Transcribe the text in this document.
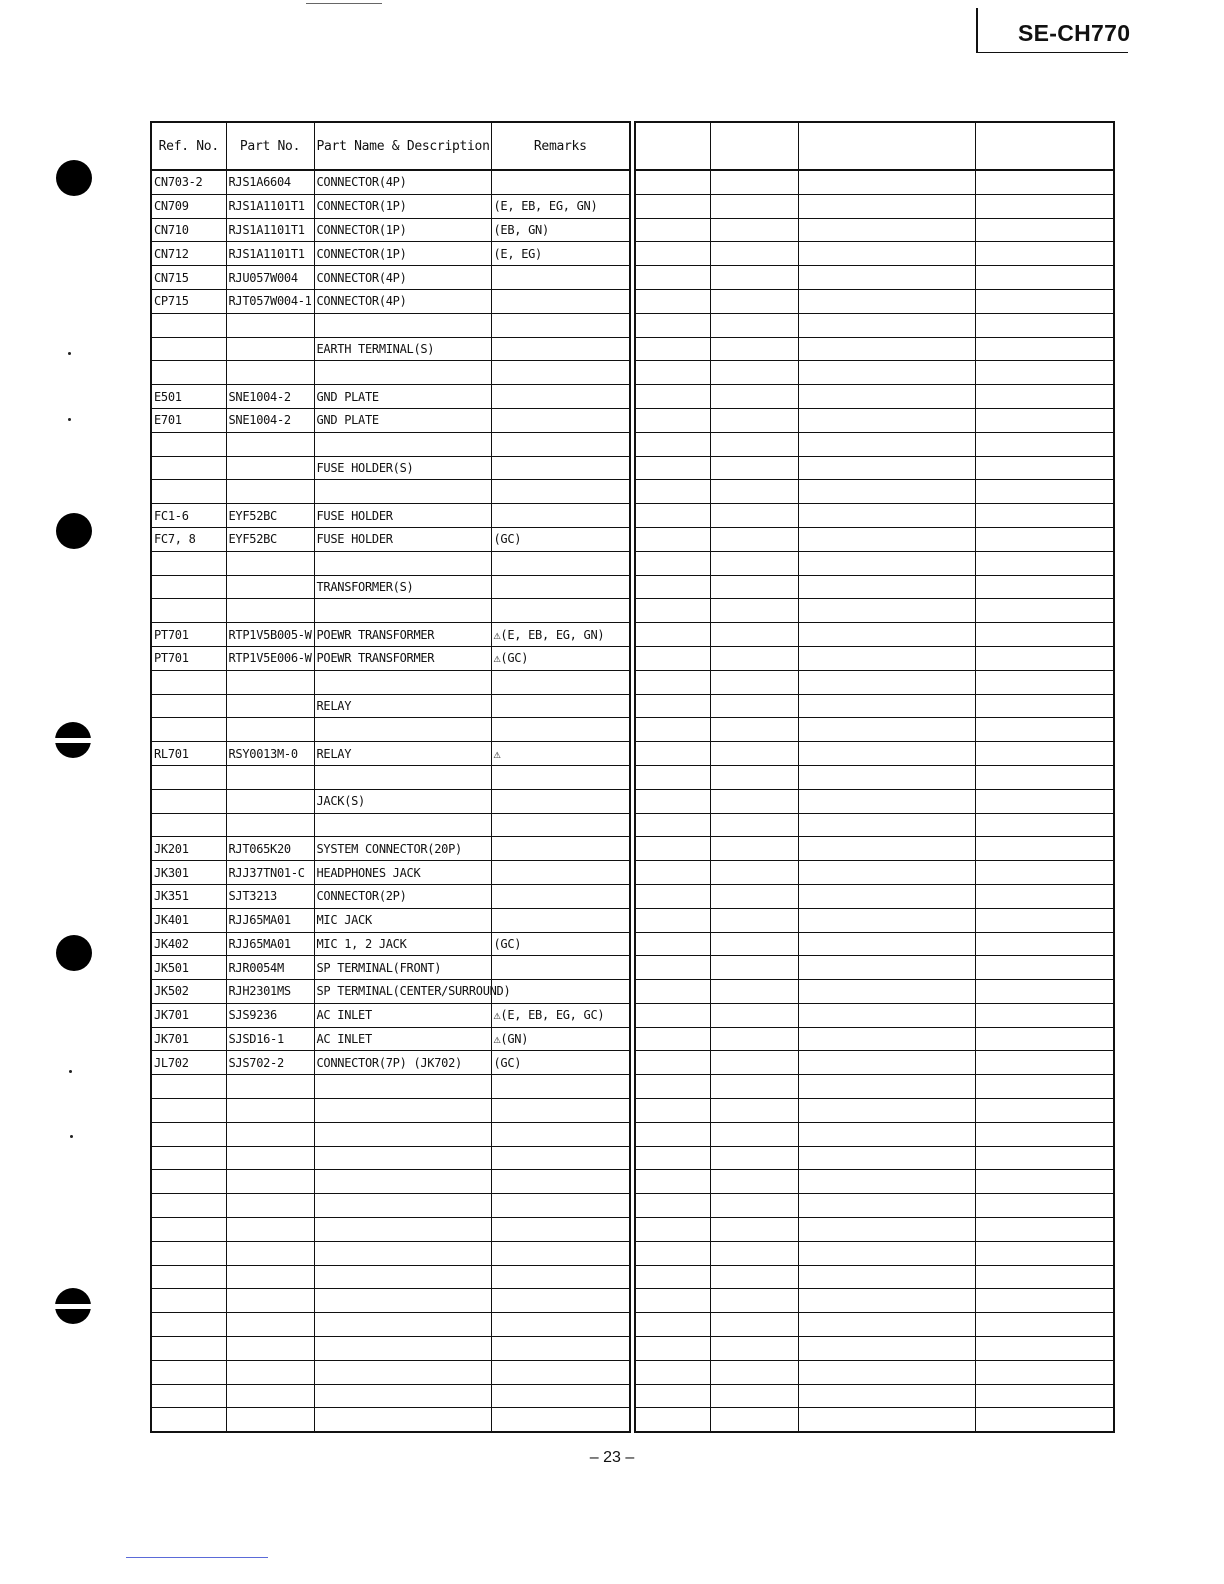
SE-CH770
Ref. No.	Part No.	Part Name & Description	Remarks
CN703-2	RJS1A6604	CONNECTOR(4P)	
CN709	RJS1A1101T1	CONNECTOR(1P)	(E, EB, EG, GN)
CN710	RJS1A1101T1	CONNECTOR(1P)	(EB, GN)
CN712	RJS1A1101T1	CONNECTOR(1P)	(E, EG)
CN715	RJU057W004	CONNECTOR(4P)	
CP715	RJT057W004-1	CONNECTOR(4P)	

		EARTH TERMINAL(S)	

E501	SNE1004-2	GND PLATE	
E701	SNE1004-2	GND PLATE	

		FUSE HOLDER(S)	

FC1-6	EYF52BC	FUSE HOLDER	
FC7, 8	EYF52BC	FUSE HOLDER	(GC)

		TRANSFORMER(S)	

PT701	RTP1V5B005-W	POEWR TRANSFORMER	⚠(E, EB, EG, GN)
PT701	RTP1V5E006-W	POEWR TRANSFORMER	⚠(GC)

		RELAY	

RL701	RSY0013M-0	RELAY	⚠

		JACK(S)	

JK201	RJT065K20	SYSTEM CONNECTOR(20P)	
JK301	RJJ37TN01-C	HEADPHONES JACK	
JK351	SJT3213	CONNECTOR(2P)	
JK401	RJJ65MA01	MIC JACK	
JK402	RJJ65MA01	MIC 1, 2 JACK	(GC)
JK501	RJR0054M	SP TERMINAL(FRONT)	
JK502	RJH2301MS	SP TERMINAL(CENTER/SURROUND)	
JK701	SJS9236	AC INLET	⚠(E, EB, EG, GC)
JK701	SJSD16-1	AC INLET	⚠(GN)
JL702	SJS702-2	CONNECTOR(7P) (JK702)	(GC)

– 23 –
